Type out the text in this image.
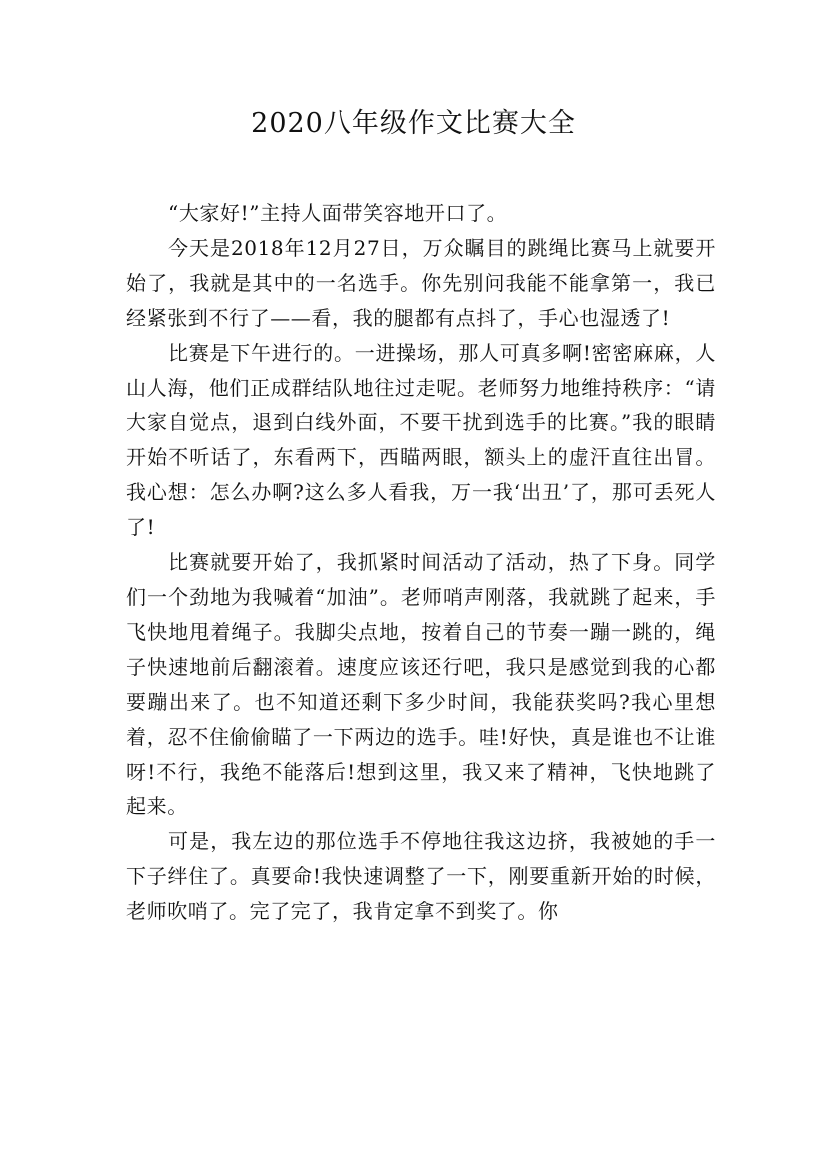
2020八年级作文比赛大全

“大家好!”主持人面带笑容地开口了。

今天是2018年12月27日，万众瞩目的跳绳比赛马上就要开始了，我就是其中的一名选手。你先别问我能不能拿第一，我已经紧张到不行了——看，我的腿都有点抖了，手心也湿透了!

比赛是下午进行的。一进操场，那人可真多啊!密密麻麻，人山人海，他们正成群结队地往过走呢。老师努力地维持秩序：“请大家自觉点，退到白线外面，不要干扰到选手的比赛。”我的眼睛开始不听话了，东看两下，西瞄两眼，额头上的虚汗直往出冒。我心想：怎么办啊?这么多人看我，万一我‘出丑’了，那可丢死人了!

比赛就要开始了，我抓紧时间活动了活动，热了下身。同学们一个劲地为我喊着“加油”。老师哨声刚落，我就跳了起来，手飞快地甩着绳子。我脚尖点地，按着自己的节奏一蹦一跳的，绳子快速地前后翻滚着。速度应该还行吧，我只是感觉到我的心都要蹦出来了。也不知道还剩下多少时间，我能获奖吗?我心里想着，忍不住偷偷瞄了一下两边的选手。哇!好快，真是谁也不让谁呀!不行，我绝不能落后!想到这里，我又来了精神，飞快地跳了起来。

可是，我左边的那位选手不停地往我这边挤，我被她的手一下子绊住了。真要命!我快速调整了一下，刚要重新开始的时候，老师吹哨了。完了完了，我肯定拿不到奖了。你
